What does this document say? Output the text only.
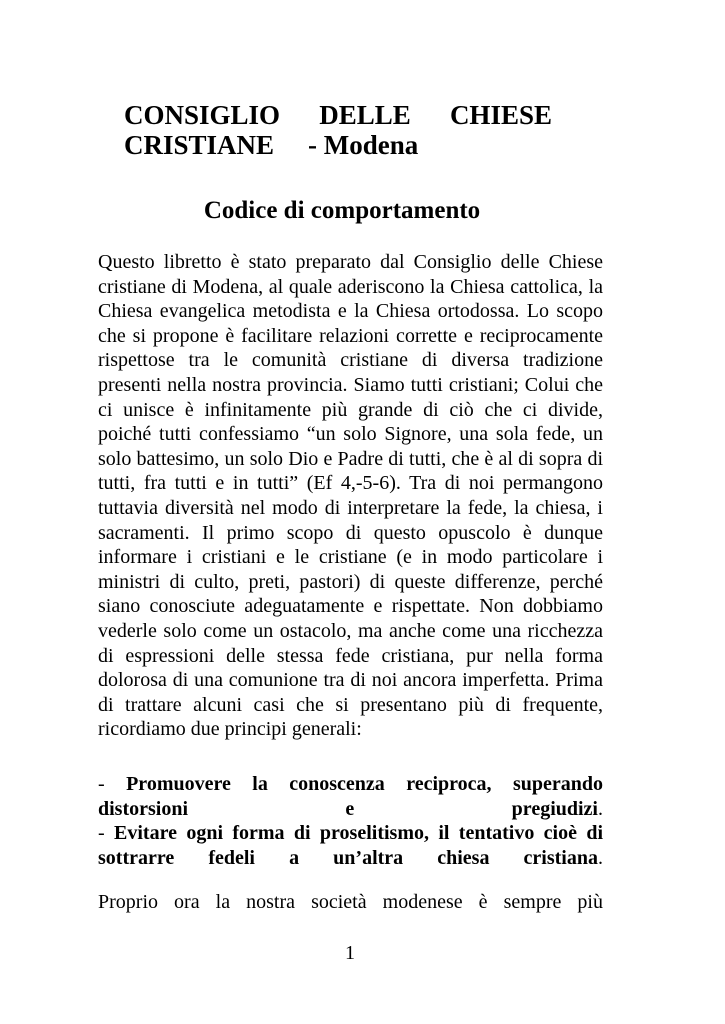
CONSIGLIO DELLE CHIESE
CRISTIANE - Modena
Codice di comportamento

Questo libretto è stato preparato dal Consiglio delle Chiese cristiane di Modena, al quale aderiscono la Chiesa cattolica, la Chiesa evangelica metodista e la Chiesa ortodossa. Lo scopo che si propone è facilitare relazioni corrette e reciprocamente rispettose tra le comunità cristiane di diversa tradizione presenti nella nostra provincia. Siamo tutti cristiani; Colui che ci unisce è infinitamente più grande di ciò che ci divide, poiché tutti confessiamo “un solo Signore, una sola fede, un solo battesimo, un solo Dio e Padre di tutti, che è al di sopra di tutti, fra tutti e in tutti” (Ef 4,-5-6). Tra di noi permangono tuttavia diversità nel modo di interpretare la fede, la chiesa, i sacramenti. Il primo scopo di questo opuscolo è dunque informare i cristiani e le cristiane (e in modo particolare i ministri di culto, preti, pastori) di queste differenze, perché siano conosciute adeguatamente e rispettate. Non dobbiamo vederle solo come un ostacolo, ma anche come una ricchezza di espressioni delle stessa fede cristiana, pur nella forma dolorosa di una comunione tra di noi ancora imperfetta. Prima di trattare alcuni casi che si presentano più di frequente, ricordiamo due principi generali:

- Promuovere la conoscenza reciproca, superando distorsioni e pregiudizi.

- Evitare ogni forma di proselitismo, il tentativo cioè di sottrarre fedeli a un’altra chiesa cristiana.

Proprio ora la nostra società modenese è sempre più

1
